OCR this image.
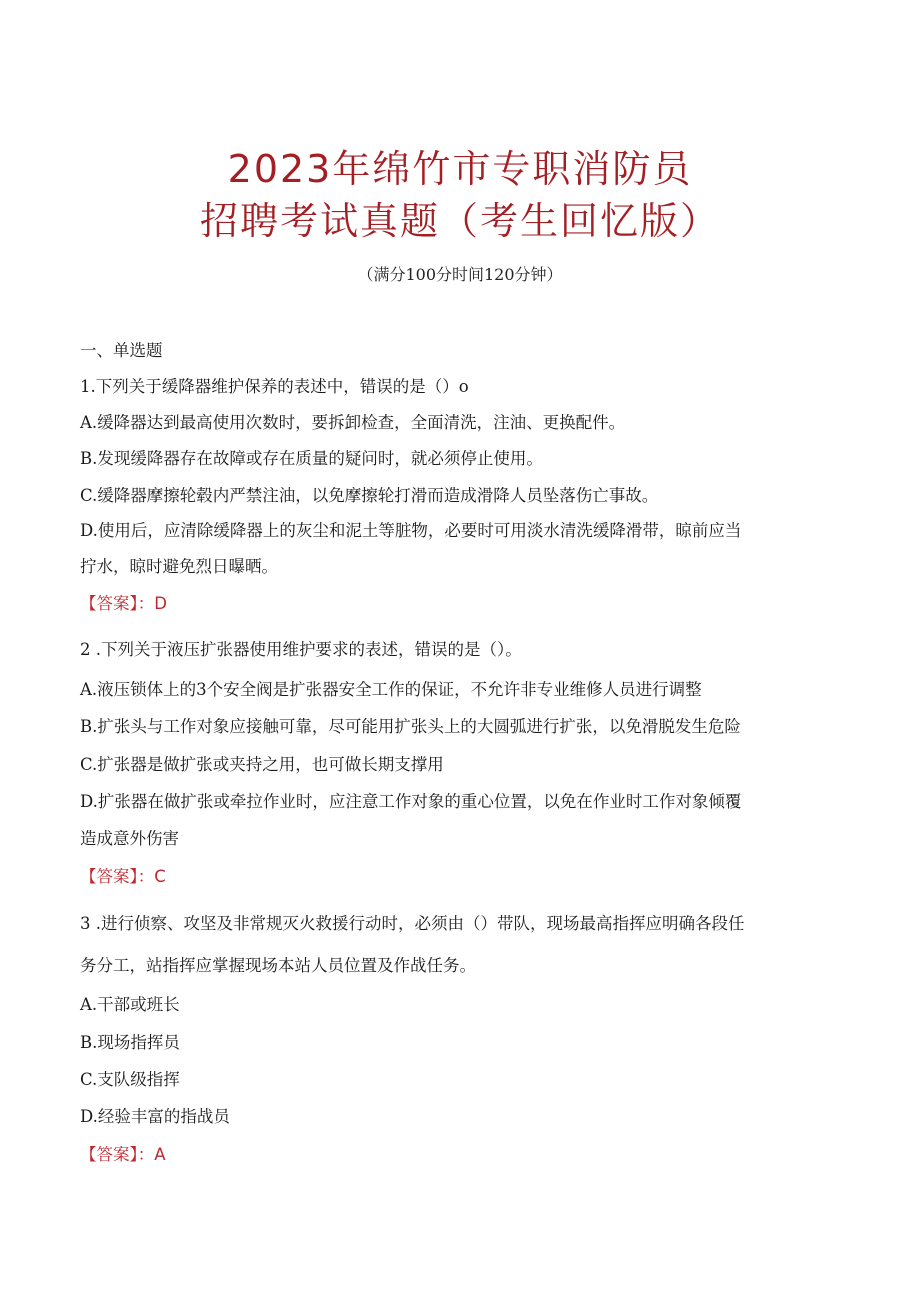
2023年绵竹市专职消防员
招聘考试真题（考生回忆版）
（满分100分时间120分钟）
一、单选题
1.下列关于缓降器维护保养的表述中，错误的是（）o
A.缓降器达到最高使用次数时，要拆卸检查，全面清洗，注油、更换配件。
B.发现缓降器存在故障或存在质量的疑问时，就必须停止使用。
C.缓降器摩擦轮毂内严禁注油，以免摩擦轮打滑而造成滑降人员坠落伤亡事故。
D.使用后，应清除缓降器上的灰尘和泥土等脏物，必要时可用淡水清洗缓降滑带，晾前应当
拧水，晾时避免烈日曝晒。
【答案】：D
2 .下列关于液压扩张器使用维护要求的表述，错误的是（）。
A.液压锁体上的3个安全阀是扩张器安全工作的保证，不允许非专业维修人员进行调整
B.扩张头与工作对象应接触可靠，尽可能用扩张头上的大圆弧进行扩张，以免滑脱发生危险
C.扩张器是做扩张或夹持之用，也可做长期支撑用
D.扩张器在做扩张或牵拉作业时，应注意工作对象的重心位置，以免在作业时工作对象倾覆
造成意外伤害
【答案】：C
3 .进行侦察、攻坚及非常规灭火救援行动时，必须由（）带队，现场最高指挥应明确各段任
务分工，站指挥应掌握现场本站人员位置及作战任务。
A.干部或班长
B.现场指挥员
C.支队级指挥
D.经验丰富的指战员
【答案】：A
